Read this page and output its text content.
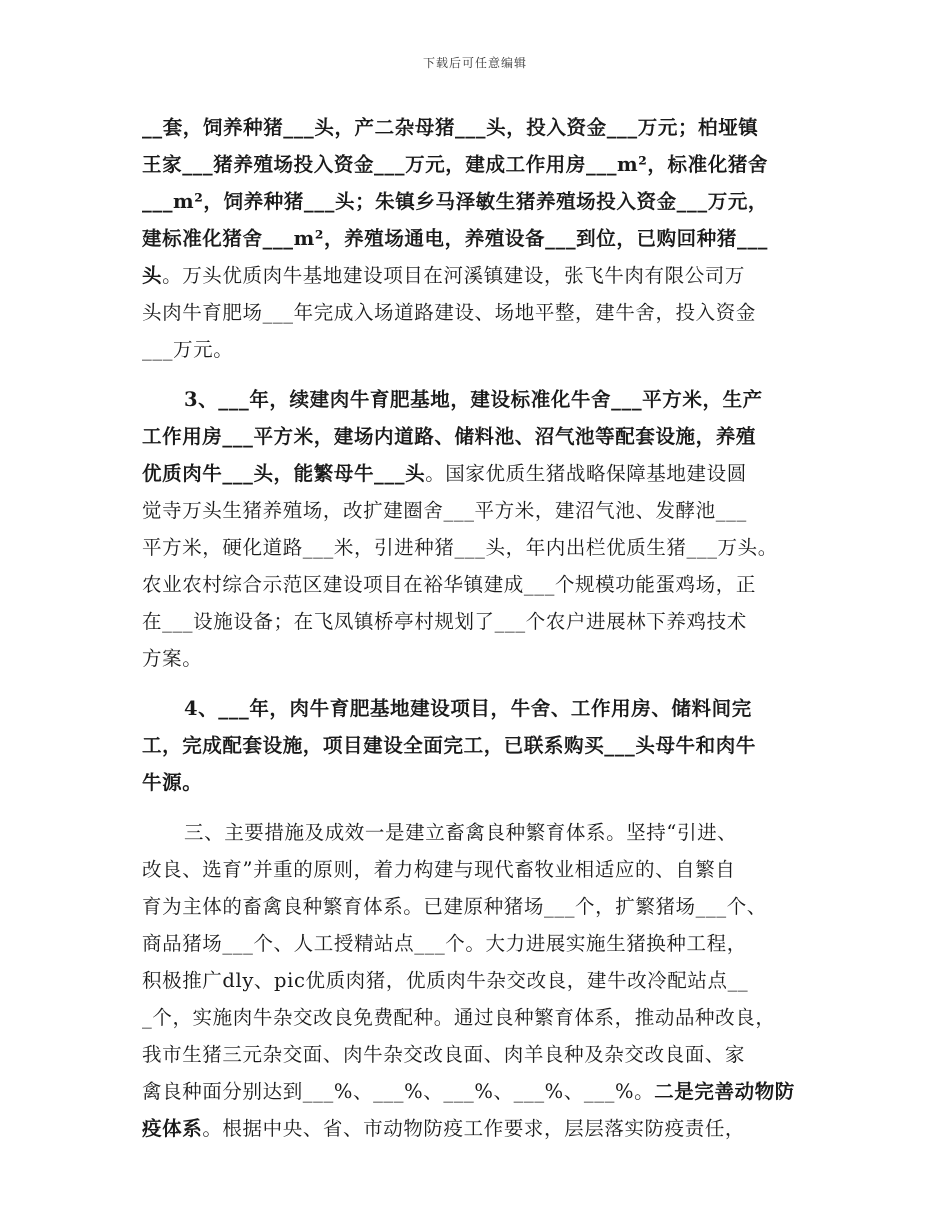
下载后可任意编辑
__套，饲养种猪___头，产二杂母猪___头，投入资金___万元；柏垭镇
王家___猪养殖场投入资金___万元，建成工作用房___m²，标准化猪舍
___m²，饲养种猪___头；朱镇乡马泽敏生猪养殖场投入资金___万元，
建标准化猪舍___m²，养殖场通电，养殖设备___到位，已购回种猪___
头。万头优质肉牛基地建设项目在河溪镇建设，张飞牛肉有限公司万
头肉牛育肥场___年完成入场道路建设、场地平整，建牛舍，投入资金
___万元。
3、___年，续建肉牛育肥基地，建设标准化牛舍___平方米，生产
工作用房___平方米，建场内道路、储料池、沼气池等配套设施，养殖
优质肉牛___头，能繁母牛___头。国家优质生猪战略保障基地建设圆
觉寺万头生猪养殖场，改扩建圈舍___平方米，建沼气池、发酵池___
平方米，硬化道路___米，引进种猪___头，年内出栏优质生猪___万头。
农业农村综合示范区建设项目在裕华镇建成___个规模功能蛋鸡场，正
在___设施设备；在飞凤镇桥亭村规划了___个农户进展林下养鸡技术
方案。
4、___年，肉牛育肥基地建设项目，牛舍、工作用房、储料间完
工，完成配套设施，项目建设全面完工，已联系购买___头母牛和肉牛
牛源。
三、主要措施及成效一是建立畜禽良种繁育体系。坚持“引进、
改良、选育”并重的原则，着力构建与现代畜牧业相适应的、自繁自
育为主体的畜禽良种繁育体系。已建原种猪场___个，扩繁猪场___个、
商品猪场___个、人工授精站点___个。大力进展实施生猪换种工程，
积极推广dly、pic优质肉猪，优质肉牛杂交改良，建牛改冷配站点__
_个，实施肉牛杂交改良免费配种。通过良种繁育体系，推动品种改良，
我市生猪三元杂交面、肉牛杂交改良面、肉羊良种及杂交改良面、家
禽良种面分别达到___%、___%、___%、___%、___%。二是完善动物防
疫体系。根据中央、省、市动物防疫工作要求，层层落实防疫责任，
